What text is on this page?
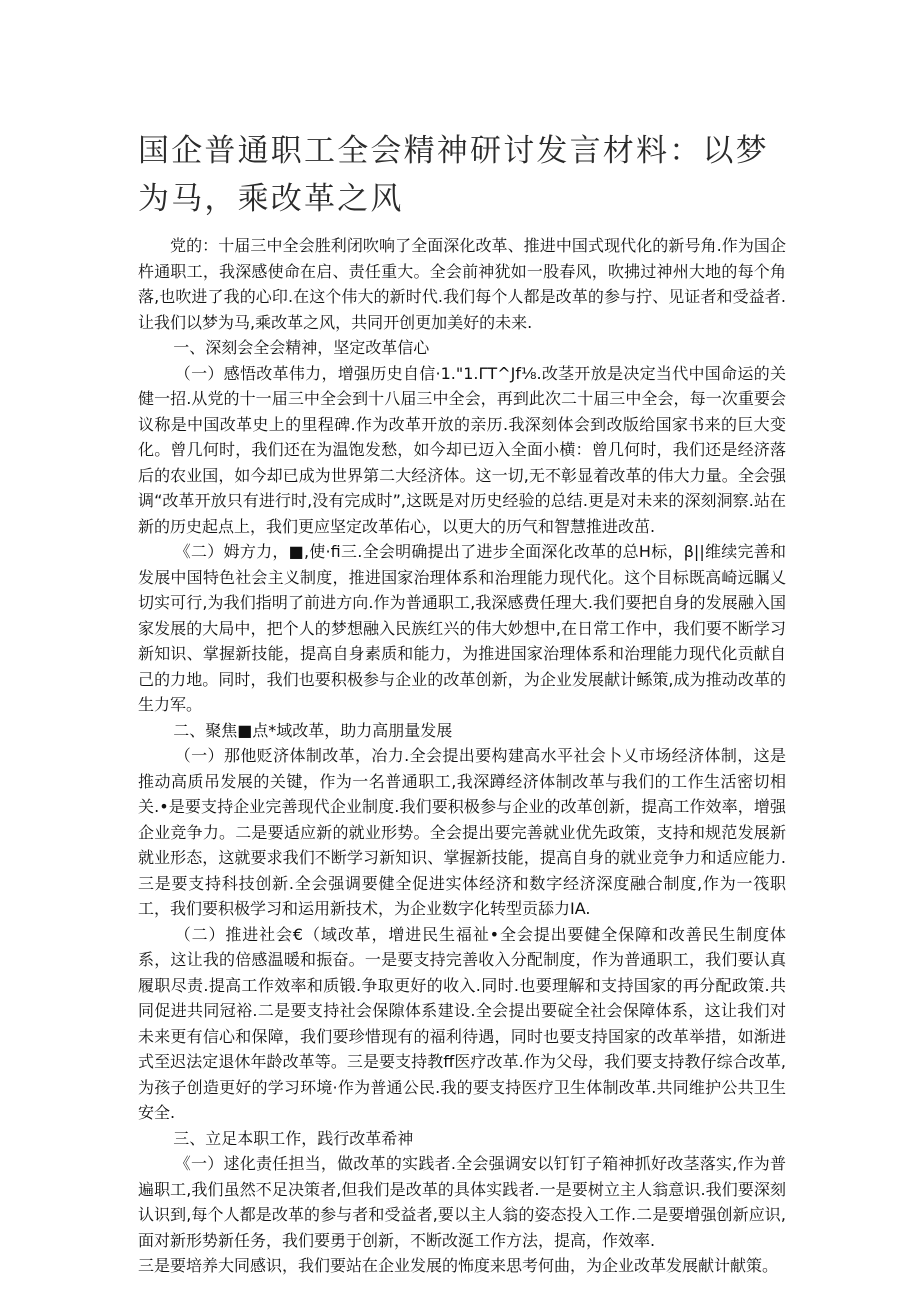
国企普通职工全会精神研讨发言材料：以梦为马，乘改革之风

党的：十届三中全会胜利闭吹响了全面深化改革、推进中国式现代化的新号角.作为国企杵通职工，我深感使命在启、责任重大。全会前神犹如一股春风，吹拂过神州大地的每个角落,也吹进了我的心印.在这个伟大的新时代.我们每个人都是改革的参与拧、见证者和受益者.让我们以梦为马,乘改革之风，共同开创更加美好的未来.

一、深刻会全会精神，坚定改革信心

（一）感悟改革伟力，增强历史自信·1."1.ΓT^Jf⅛.改茎开放是决定当代中国命运的关健一招.从党的十一届三中全会到十八届三中全会，再到此次二十届三中全会，每一次重要会议称是中国改革史上的里程碑.作为改革开放的亲历.我深刻体会到改版给国家书来的巨大变化。曾几何时，我们还在为温饱发愁，如今却已迈入全面小横：曾几何时，我们还是经济落后的农业国，如今却已成为世界第二大经济体。这一切,无不彰显着改革的伟大力量。全会强调“改革开放只有进行时,没有完成时”,这既是对历史经验的总结.更是对未来的深刻洞察.站在新的历史起点上，我们更应坚定改革佑心，以更大的历气和智慧推进改茁.

《二）姆方力，■,使·fi三.全会明确提出了进步全面深化改革的总H标，β||维续完善和发展中国特色社会主义制度，推进国家治理体系和治理能力现代化。这个目标既高崎远瞩乂切实可行,为我们指明了前进方向.作为普通职工,我深感费任理大.我们要把自身的发展融入国家发展的大局中，把个人的梦想融入民族红兴的伟大妙想中,在日常工作中，我们要不断学习新知识、掌握新技能，提高自身素质和能力，为推进国家治理体系和治理能力现代化贡献自己的力地。同时，我们也要积极参与企业的改革创新，为企业发展献计鲧策,成为推动改革的生力军。

二、聚焦■点*域改革，助力高朋量发展

（一）那他贬济体制改革，冶力.全会提出要构建高水平社会卜乂市场经济体制，这是推动高质吊发展的关键，作为一名普通职工,我深蹲经济体制改革与我们的工作生活密切相关.•是要支持企业完善现代企业制度.我们要积极参与企业的改革创新，提高工作效率，增强企业竞争力。二是要适应新的就业形势。全会提出要完善就业优先政策，支持和规范发展新就业形态，这就要求我们不断学习新知识、掌握新技能，提高自身的就业竞争力和适应能力.三是要支持科技创新.全会强调要健全促进实体经济和数字经济深度融合制度,作为一筏职工，我们要积极学习和运用新技术，为企业数字化转型贡舔力IA.

（二）推进社会€（域改革，增进民生福祉•全会提出要健全保障和改善民生制度体系，这让我的倍感温暖和振奋。一是要支持完善收入分配制度，作为普通职工，我们要认真履职尽责.提高工作效率和质锻.争取更好的收入.同时.也要理解和支持国家的再分配政策.共同促进共同冠裕.二是要支持社会保隙体系建设.全会提出要碇全社会保障体系，这让我们对未来更有信心和保障，我们要珍惜现有的福利待遇，同时也要支持国家的改革举措，如渐进式至迟法定退休年龄改革等。三是要支持教ff医疗改革.作为父母，我们要支持教仔综合改革,为孩子创造更好的学习环境·作为普通公民.我的要支持医疗卫生体制改革.共同维护公共卫生安全.

三、立足本职工作，践行改革希神

《一）逑化责任担当，做改革的实践者.全会强调安以钉钉子箱神抓好改茎落实,作为普遍职工,我们虽然不足决策者,但我们是改革的具体实践者.一是要树立主人翁意识.我们要深刻认识到,每个人都是改革的参与者和受益者,要以主人翁的姿态投入工作.二是要增强创新应识,面对新形势新任务，我们要勇于创新，不断改涎工作方法，提高，作效率.

三是要培养大同感识，我们要站在企业发展的怖度来思考何曲，为企业改革发展献计献策。
